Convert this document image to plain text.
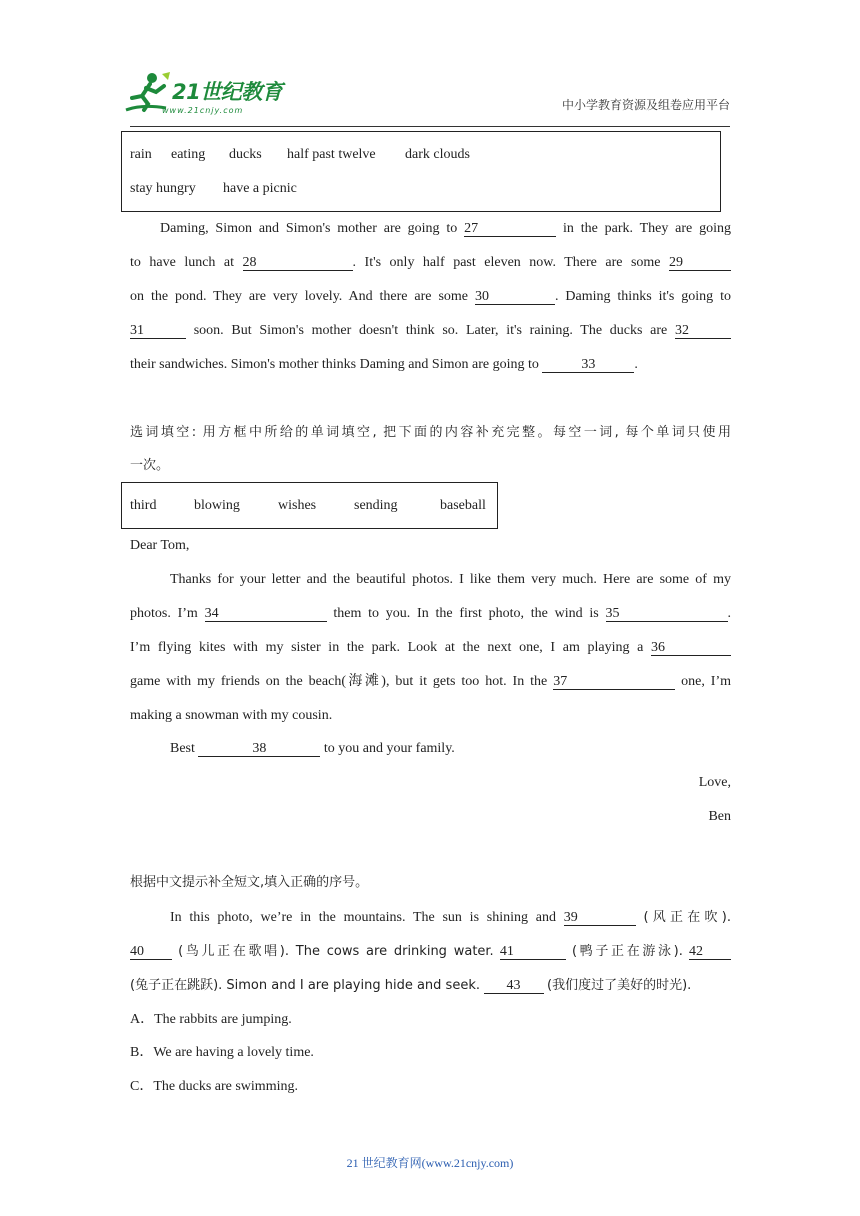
21世纪教育
www.21cnjy.com	中小学教育资源及组卷应用平台
rain eating ducks half past twelve dark clouds
stay hungry have a picnic
Daming, Simon and Simon's mother are going to 27	in the park. They are going
to have lunch at 28	. It's only half past eleven now. There are some 29
on the pond. They are very lovely. And there are some 30	. Daming thinks it's going to
31	soon. But Simon's mother doesn't think so. Later, it's raining. The ducks are 32
their sandwiches. Simon's mother thinks Daming and Simon are going to	33	.
选词填空: 用方框中所给的单词填空, 把下面的内容补充完整。每空一词, 每个单词只使用
一次。
third	blowing	wishes	sending	baseball
Dear Tom,
Thanks for your letter and the beautiful photos. I like them very much. Here are some of my
photos. I’m 34	them to you. In the first photo, the wind is 35	.
I’m flying kites with my sister in the park. Look at the next one, I am playing a 36
game with my friends on the beach(海滩), but it gets too hot. In the 37	one, I’m
making a snowman with my cousin.
Best	38	to you and your family.
Love,
Ben
根据中文提示补全短文,填入正确的序号。
In this photo, we’re in the mountains. The sun is shining and 39	(风正在吹).
40	(鸟儿正在歌唱). The cows are drinking water. 41	(鸭子正在游泳). 42
(兔子正在跳跃). Simon and I are playing hide and seek. 43 (我们度过了美好的时光).
A．The rabbits are jumping.
B．We are having a lovely time.
C．The ducks are swimming.
21 世纪教育网(www.21cnjy.com)
